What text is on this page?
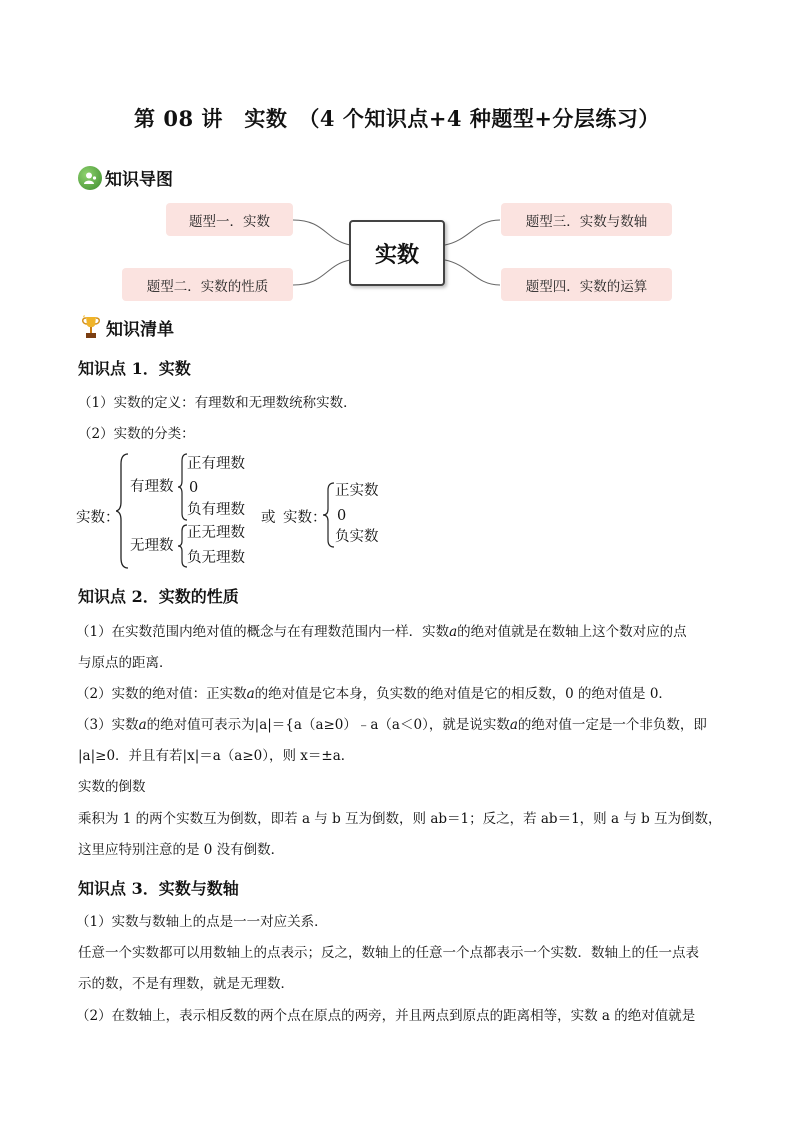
第 08 讲　实数　（4 个知识点+4 种题型+分层练习）
知识导图
题型一．实数
题型二．实数的性质
实数
题型三．实数与数轴
题型四．实数的运算
知识清单
知识点 1．实数
（1）实数的定义：有理数和无理数统称实数．
（2）实数的分类：
实数：
有理数
正有理数
0
负有理数
无理数
正无理数
负无理数
或 实数：
正实数
0
负实数
知识点 2．实数的性质
（1）在实数范围内绝对值的概念与在有理数范围内一样．实数a的绝对值就是在数轴上这个数对应的点
与原点的距离．
（2）实数的绝对值：正实数a的绝对值是它本身，负实数的绝对值是它的相反数，0 的绝对值是 0．
（3）实数a的绝对值可表示为|a|＝{a（a≥0）﹣a（a＜0），就是说实数a的绝对值一定是一个非负数，即
|a|≥0．并且有若|x|＝a（a≥0），则 x＝±a．
实数的倒数
乘积为 1 的两个实数互为倒数，即若 a 与 b 互为倒数，则 ab＝1；反之，若 ab＝1，则 a 与 b 互为倒数，
这里应特别注意的是 0 没有倒数．
知识点 3．实数与数轴
（1）实数与数轴上的点是一一对应关系．
任意一个实数都可以用数轴上的点表示；反之，数轴上的任意一个点都表示一个实数．数轴上的任一点表
示的数，不是有理数，就是无理数．
（2）在数轴上，表示相反数的两个点在原点的两旁，并且两点到原点的距离相等，实数 a 的绝对值就是
